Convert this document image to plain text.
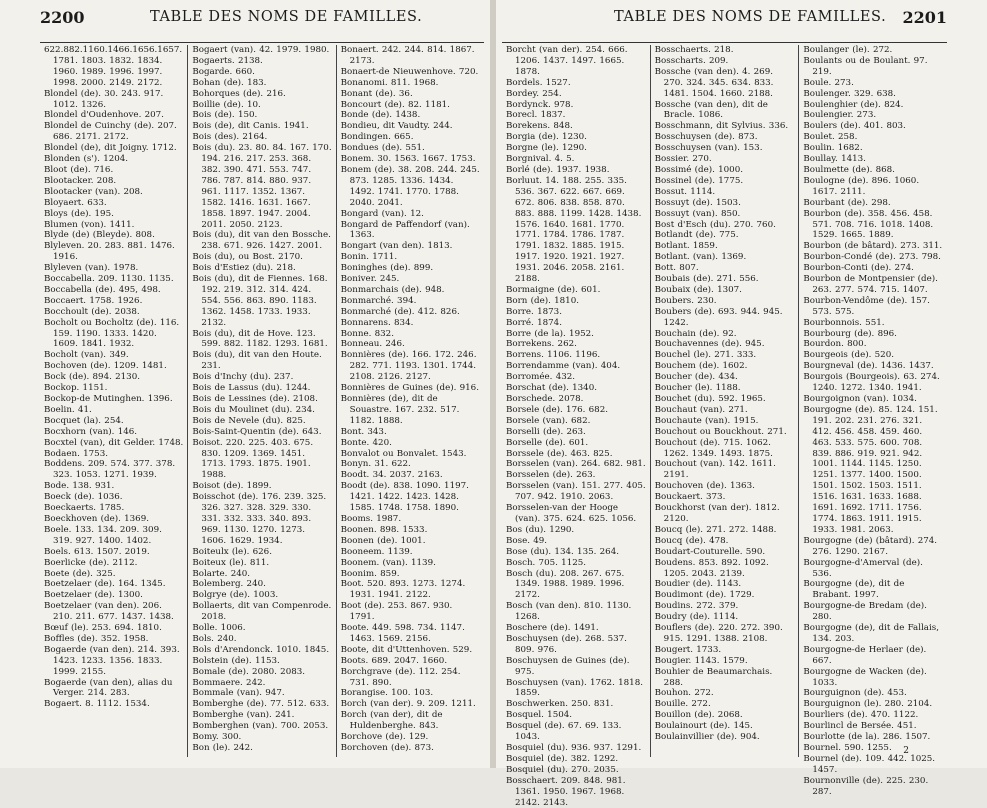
2200	TABLE DES NOMS DE FAMILLES.
622.882.1160.1466.1656.1657. 1781. 1803. 1832. 1834. 1960. 1989. 1996. 1997. 1998. 2000. 2149. 2172.
Blondel (de). 30. 243. 917. 1012. 1326.
Blondel d'Oudenhove. 207.
Blondel de Cuinchy (de). 207. 686. 2171. 2172.
Blondel (de), dit Joigny. 1712.
Blonden (s'). 1204.
Bloot (de). 716.
Blootacker. 208.
Blootacker (van). 208.
Bloyaert. 633.
Bloys (de). 195.
Blumen (von). 1411.
Blyde (de) (Bleyde). 808.
Blyleven. 20. 283. 881. 1476. 1916.
Blyleven (van). 1978.
Boccabella. 209. 1130. 1135.
Boccabella (de). 495, 498.
Boccaert. 1758. 1926.
Bocchoult (de). 2038.
Bocholt ou Bocholtz (de). 116. 159. 1190. 1333. 1420. 1609. 1841. 1932.
Bocholt (van). 349.
Bochoven (de). 1209. 1481.
Bock (de). 894. 2130.
Bockop. 1151.
Bockop-de Mutinghen. 1396.
Boelin. 41.
Bocquet (la). 254.
Bocxhorn (van). 146.
Bocxtel (van), dit Gelder. 1748.
Bodaen. 1753.
Boddens. 209. 574. 377. 378. 323. 1053. 1271. 1939.
Bode. 138. 931.
Boeck (de). 1036.
Boeckaerts. 1785.
Boeckhoven (de). 1369.
Boele. 133. 134. 209. 309. 319. 927. 1400. 1402.
Boels. 613. 1507. 2019.
Boerlicke (de). 2112.
Boete (de). 325.
Boetzelaer (de). 164. 1345.
Boetzelaer (de). 1300.
Boetzelaer (van den). 206. 210. 211. 677. 1437. 1438.
Bœuf (le). 253. 694. 1810.
Boffles (de). 352. 1958.
Bogaerde (van den). 214. 393. 1423. 1233. 1356. 1833. 1999. 2155.
Bogaerde (van den), alias du Verger. 214. 283.
Bogaert. 8. 1112. 1534.
Bogaert (van). 42. 1979. 1980.
Bogaerts. 2138.
Bogarde. 660.
Bohan (de). 183.
Bohorques (de). 216.
Boillie (de). 10.
Bois (de). 150.
Bois (de), dit Canis. 1941.
Bois (des). 2164.
Bois (du). 23. 80. 84. 167. 170. 194. 216. 217. 253. 368. 382. 390. 471. 553. 747. 786. 787. 814. 880. 937. 961. 1117. 1352. 1367. 1582. 1416. 1631. 1667. 1858. 1897. 1947. 2004. 2011. 2050. 2123.
Bois (du), dit van den Bossche. 238. 671. 926. 1427. 2001.
Bois (du), ou Bost. 2170.
Bois d'Estiez (du). 218.
Bois (du), dit de Fiennes. 168. 192. 219. 312. 314. 424. 554. 556. 863. 890. 1183. 1362. 1458. 1733. 1933. 2132.
Bois (du), dit de Hove. 123. 599. 882. 1182. 1293. 1681.
Bois (du), dit van den Houte. 231.
Bois d'Inchy (du). 237.
Bois de Lassus (du). 1244.
Bois de Lessines (de). 2108.
Bois du Moulinet (du). 234.
Bois de Nevele (du). 825.
Bois-Saint-Quentin (de). 643.
Boisot. 220. 225. 403. 675. 830. 1209. 1369. 1451. 1713. 1793. 1875. 1901. 1988.
Boisot (de). 1899.
Boisschot (de). 176. 239. 325. 326. 327. 328. 329. 330. 331. 332. 333. 340. 893. 969. 1130. 1270. 1273. 1606. 1629. 1934.
Boiteulx (le). 626.
Boiteux (le). 811.
Bolarte. 240.
Bolemberg. 240.
Bolgrye (de). 1003.
Bollaerts, dit van Compenrode. 2018.
Bolle. 1006.
Bols. 240.
Bols d'Arendonck. 1010. 1845.
Bolstein (de). 1153.
Bomale (de). 2080. 2083.
Bommaere. 242.
Bommale (van). 947.
Bomberghe (de). 77. 512. 633.
Bomberghe (van). 241.
Bomberghen (van). 700. 2053.
Bomy. 300.
Bon (le). 242.
Bonaert. 242. 244. 814. 1867. 2173.
Bonaert-de Nieuwenhove. 720.
Bonanomi. 811. 1968.
Bonant (de). 36.
Boncourt (de). 82. 1181.
Bonde (de). 1438.
Bondieu, dit Vaudty. 244.
Bondingen. 665.
Bondues (de). 551.
Bonem. 30. 1563. 1667. 1753.
Bonem (de). 38. 208. 244. 245. 873. 1285. 1336. 1434. 1492. 1741. 1770. 1788. 2040. 2041.
Bongard (van). 12.
Bongard de Paffendorf (van). 1363.
Bongart (van den). 1813.
Bonin. 1711.
Boninghes (de). 899.
Boniver. 245.
Bonmarchais (de). 948.
Bonmarché. 394.
Bonmarché (de). 412. 826.
Bonnarens. 834.
Bonne. 832.
Bonneau. 246.
Bonnières (de). 166. 172. 246. 282. 771. 1193. 1301. 1744. 2108. 2126. 2127.
Bonnières de Guines (de). 916.
Bonnières (de), dit de Souastre. 167. 232. 517. 1182. 1888.
Bont. 343.
Bonte. 420.
Bonvalot ou Bonvalet. 1543.
Bonyn. 31. 622.
Boodt. 34. 2037. 2163.
Boodt (de). 838. 1090. 1197. 1421. 1422. 1423. 1428. 1585. 1748. 1758. 1890.
Booms. 1987.
Boonen. 898. 1533.
Boonen (de). 1001.
Booneem. 1139.
Boonem. (van). 1139.
Boonim. 859.
Boot. 520. 893. 1273. 1274. 1931. 1941. 2122.
Boot (de). 253. 867. 930. 1791.
Boote. 449. 598. 734. 1147. 1463. 1569. 2156.
Boote, dit d'Uttenhoven. 529.
Boots. 689. 2047. 1660.
Borchgrave (de). 112. 254. 731. 890.
Borangise. 100. 103.
Borch (van der). 9. 209. 1211.
Borch (van der), dit de Huldenberghe. 843.
Borchove (de). 129.
Borchoven (de). 873.
TABLE DES NOMS DE FAMILLES. 2201
Borcht (van der). 254. 666. 1206. 1437. 1497. 1665. 1878.
Bordels. 1527.
Bordey. 254.
Bordynck. 978.
Borecl. 1837.
Borekens. 848.
Borgia (de). 1230.
Borgne (le). 1290.
Borgnival. 4. 5.
Borlé (de). 1937. 1938.
Borluut. 14. 188. 255. 335. 536. 367. 622. 667. 669. 672. 806. 838. 858. 870. 883. 888. 1199. 1428. 1438. 1576. 1640. 1681. 1770. 1771. 1784. 1786. 1787. 1791. 1832. 1885. 1915. 1917. 1920. 1921. 1927. 1931. 2046. 2058. 2161. 2188.
Bormaigne (de). 601.
Born (de). 1810.
Borre. 1873.
Borré. 1874.
Borre (de la). 1952.
Borrekens. 262.
Borrens. 1106. 1196.
Borrendamme (van). 404.
Borromée. 432.
Borschat (de). 1340.
Borschede. 2078.
Borsele (de). 176. 682.
Borsele (van). 682.
Borselli (de). 263.
Borselle (de). 601.
Borssele (de). 463. 825.
Borsselen (van). 264. 682. 981.
Borsselen (de). 263.
Borsselen (van). 151. 277. 405. 707. 942. 1910. 2063.
Borsselen-van der Hooge (van). 375. 624. 625. 1056.
Bos (du). 1290.
Bose. 49.
Bose (du). 134. 135. 264.
Bosch. 705. 1125.
Bosch (du). 208. 267. 675. 1349. 1988. 1989. 1996. 2172.
Bosch (van den). 810. 1130. 1268.
Boschere (de). 1491.
Boschuysen (de). 268. 537. 809. 976.
Boschuysen de Guines (de). 975.
Boschuysen (van). 1762. 1818. 1859.
Boschwerken. 250. 831.
Bosquel. 1504.
Bosquel (de). 67. 69. 133. 1043.
Bosquiel (du). 936. 937. 1291.
Bosquiel (de). 382. 1292.
Bosquiel (du). 270. 2035.
Bosschaert. 209. 848. 981. 1361. 1950. 1967. 1968. 2142. 2143.
Bosschaerts. 218.
Bosscharts. 209.
Bossche (van den). 4. 269. 270. 324. 345. 634. 833. 1481. 1504. 1660. 2188.
Bossche (van den), dit de Bracle. 1086.
Bosschmann, dit Sylvius. 336.
Bosschuysen (de). 873.
Bosschuysen (van). 153.
Bossier. 270.
Bossimé (de). 1000.
Bossinel (de). 1775.
Bossut. 1114.
Bossuyt (de). 1503.
Bossuyt (van). 850.
Bost d'Esch (du). 270. 760.
Botlandt (de). 775.
Botlant. 1859.
Botlant. (van). 1369.
Bott. 807.
Boubais (de). 271. 556.
Boubaix (de). 1307.
Boubers. 230.
Boubers (de). 693. 944. 945. 1242.
Bouchain (de). 92.
Bouchavennes (de). 945.
Bouchel (le). 271. 333.
Bouchem (de). 1602.
Boucher (de). 434.
Boucher (le). 1188.
Bouchet (du). 592. 1965.
Bouchaut (van). 271.
Bouchaute (van). 1915.
Bouchout ou Bouckhout. 271.
Bouchout (de). 715. 1062. 1262. 1349. 1493. 1875.
Bouchout (van). 142. 1611. 2191.
Bouchoven (de). 1363.
Bouckaert. 373.
Bouckhorst (van der). 1812. 2120.
Boucq (le). 271. 272. 1488.
Boucq (de). 478.
Boudart-Couturelle. 590.
Boudens. 853. 892. 1092. 1205. 2043. 2139.
Boudier (de). 1143.
Boudimont (de). 1729.
Boudins. 272. 379.
Boudry (de). 1114.
Bouflers (de). 220. 272. 390. 915. 1291. 1388. 2108.
Bougert. 1733.
Bougier. 1143. 1579.
Bouhier de Beaumarchais. 288.
Bouhon. 272.
Bouille. 272.
Bouillon (de). 2068.
Boulainourt (de). 145.
Boulainvillier (de). 904.
Boulanger (le). 272.
Boulants ou de Boulant. 97. 219.
Boule. 273.
Boulenger. 329. 638.
Boulenghier (de). 824.
Boulengier. 273.
Boulers (de). 401. 803.
Boulet. 258.
Boulin. 1682.
Boullay. 1413.
Boulmette (de). 868.
Boulogne (de). 896. 1060. 1617. 2111.
Bourbant (de). 298.
Bourbon (de). 358. 456. 458. 571. 708. 716. 1018. 1408. 1529. 1665. 1889.
Bourbon (de bâtard). 273. 311.
Bourbon-Condé (de). 273. 798.
Bourbon-Conti (de). 274.
Bourbon de Montpensier (de). 263. 277. 574. 715. 1407.
Bourbon-Vendôme (de). 157. 573. 575.
Bourbonnois. 551.
Bourbourg (de). 896.
Bourdon. 800.
Bourgeois (de). 520.
Bourgneval (de). 1436. 1437.
Bourgois (Bourgeois). 63. 274. 1240. 1272. 1340. 1941.
Bourgoignon (van). 1034.
Bourgogne (de). 85. 124. 151. 191. 202. 231. 276. 321. 412. 456. 458. 459. 460. 463. 533. 575. 600. 708. 839. 886. 919. 921. 942. 1001. 1144. 1145. 1250. 1251. 1377. 1400. 1500. 1501. 1502. 1503. 1511. 1516. 1631. 1633. 1688. 1691. 1692. 1711. 1756. 1774. 1863. 1911. 1915. 1933. 1981. 2063.
Bourgogne (de) (bâtard). 274. 276. 1290. 2167.
Bourgogne-d'Amerval (de). 536.
Bourgogne (de), dit de Brabant. 1997.
Bourgogne-de Bredam (de). 280.
Bourgogne (de), dit de Fallais, 134. 203.
Bourgogne-de Herlaer (de). 667.
Bourgogne de Wacken (de). 1033.
Bourguignon (de). 453.
Bourguignon (le). 280. 2104.
Bourliers (de). 470. 1122.
Bourlincl de Bersée. 451.
Bourlotte (de la). 286. 1507.
Bournel. 590. 1255.
Bournel (de). 109. 442. 1025. 1457.
Bournonville (de). 225. 230. 287.
2
